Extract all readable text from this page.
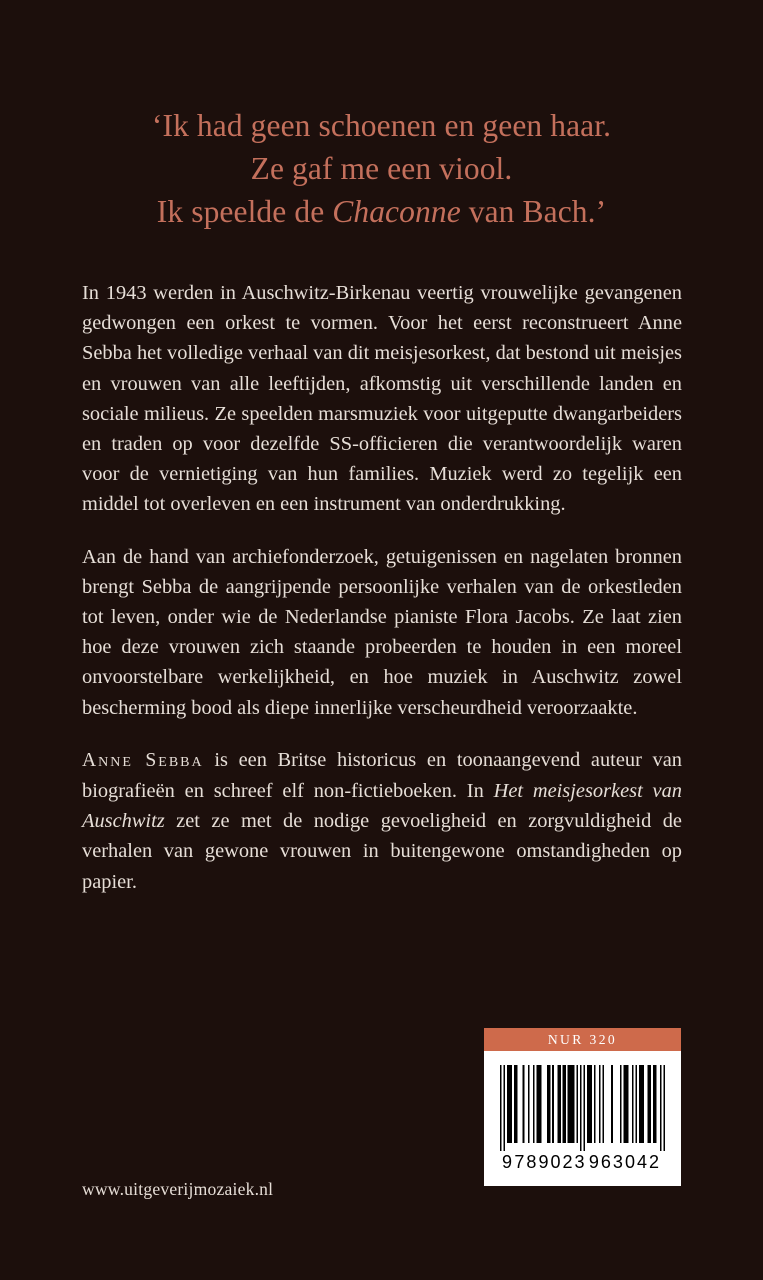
‘Ik had geen schoenen en geen haar.
Ze gaf me een viool.
Ik speelde de Chaconne van Bach.’

In 1943 werden in Auschwitz-Birkenau veertig vrouwelijke gevangenen gedwongen een orkest te vormen. Voor het eerst reconstrueert Anne Sebba het volledige verhaal van dit meisjesorkest, dat bestond uit meisjes en vrouwen van alle leeftijden, afkomstig uit verschillende landen en sociale milieus. Ze speelden marsmuziek voor uitgeputte dwangarbeiders en traden op voor dezelfde SS-officieren die verantwoordelijk waren voor de vernietiging van hun families. Muziek werd zo tegelijk een middel tot overleven en een instrument van onderdrukking.

Aan de hand van archiefonderzoek, getuigenissen en nagelaten bronnen brengt Sebba de aangrijpende persoonlijke verhalen van de orkestleden tot leven, onder wie de Nederlandse pianiste Flora Jacobs. Ze laat zien hoe deze vrouwen zich staande probeerden te houden in een moreel onvoorstelbare werkelijkheid, en hoe muziek in Auschwitz zowel bescherming bood als diepe innerlijke verscheurdheid veroorzaakte.

Anne Sebba is een Britse historicus en toonaangevend auteur van biografieën en schreef elf non-fictieboeken. In Het meisjesorkest van Auschwitz zet ze met de nodige gevoeligheid en zorgvuldigheid de verhalen van gewone vrouwen in buitengewone omstandigheden op papier.

www.uitgeverijmozaiek.nl
NUR 320
9 789023 963042
